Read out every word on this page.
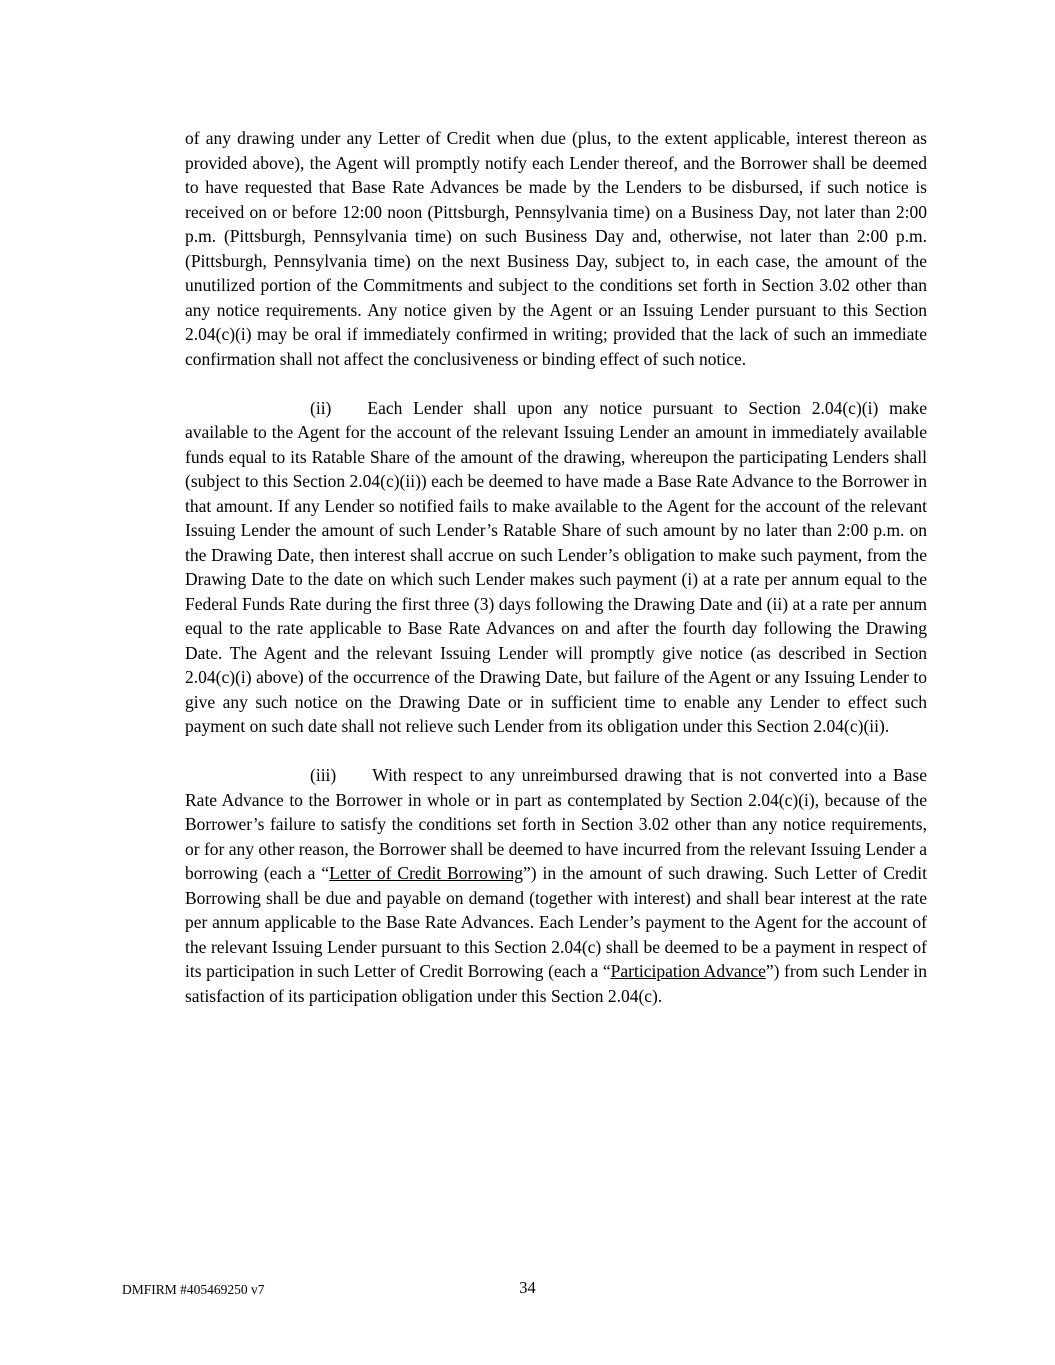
of any drawing under any Letter of Credit when due (plus, to the extent applicable, interest thereon as provided above), the Agent will promptly notify each Lender thereof, and the Borrower shall be deemed to have requested that Base Rate Advances be made by the Lenders to be disbursed, if such notice is received on or before 12:00 noon (Pittsburgh, Pennsylvania time) on a Business Day, not later than 2:00 p.m. (Pittsburgh, Pennsylvania time) on such Business Day and, otherwise, not later than 2:00 p.m. (Pittsburgh, Pennsylvania time) on the next Business Day, subject to, in each case, the amount of the unutilized portion of the Commitments and subject to the conditions set forth in Section 3.02 other than any notice requirements. Any notice given by the Agent or an Issuing Lender pursuant to this Section 2.04(c)(i) may be oral if immediately confirmed in writing; provided that the lack of such an immediate confirmation shall not affect the conclusiveness or binding effect of such notice.

(ii) Each Lender shall upon any notice pursuant to Section 2.04(c)(i) make available to the Agent for the account of the relevant Issuing Lender an amount in immediately available funds equal to its Ratable Share of the amount of the drawing, whereupon the participating Lenders shall (subject to this Section 2.04(c)(ii)) each be deemed to have made a Base Rate Advance to the Borrower in that amount. If any Lender so notified fails to make available to the Agent for the account of the relevant Issuing Lender the amount of such Lender’s Ratable Share of such amount by no later than 2:00 p.m. on the Drawing Date, then interest shall accrue on such Lender’s obligation to make such payment, from the Drawing Date to the date on which such Lender makes such payment (i) at a rate per annum equal to the Federal Funds Rate during the first three (3) days following the Drawing Date and (ii) at a rate per annum equal to the rate applicable to Base Rate Advances on and after the fourth day following the Drawing Date. The Agent and the relevant Issuing Lender will promptly give notice (as described in Section 2.04(c)(i) above) of the occurrence of the Drawing Date, but failure of the Agent or any Issuing Lender to give any such notice on the Drawing Date or in sufficient time to enable any Lender to effect such payment on such date shall not relieve such Lender from its obligation under this Section 2.04(c)(ii).

(iii) With respect to any unreimbursed drawing that is not converted into a Base Rate Advance to the Borrower in whole or in part as contemplated by Section 2.04(c)(i), because of the Borrower’s failure to satisfy the conditions set forth in Section 3.02 other than any notice requirements, or for any other reason, the Borrower shall be deemed to have incurred from the relevant Issuing Lender a borrowing (each a “Letter of Credit Borrowing”) in the amount of such drawing. Such Letter of Credit Borrowing shall be due and payable on demand (together with interest) and shall bear interest at the rate per annum applicable to the Base Rate Advances. Each Lender’s payment to the Agent for the account of the relevant Issuing Lender pursuant to this Section 2.04(c) shall be deemed to be a payment in respect of its participation in such Letter of Credit Borrowing (each a “Participation Advance”) from such Lender in satisfaction of its participation obligation under this Section 2.04(c).

DMFIRM #405469250 v7	34
